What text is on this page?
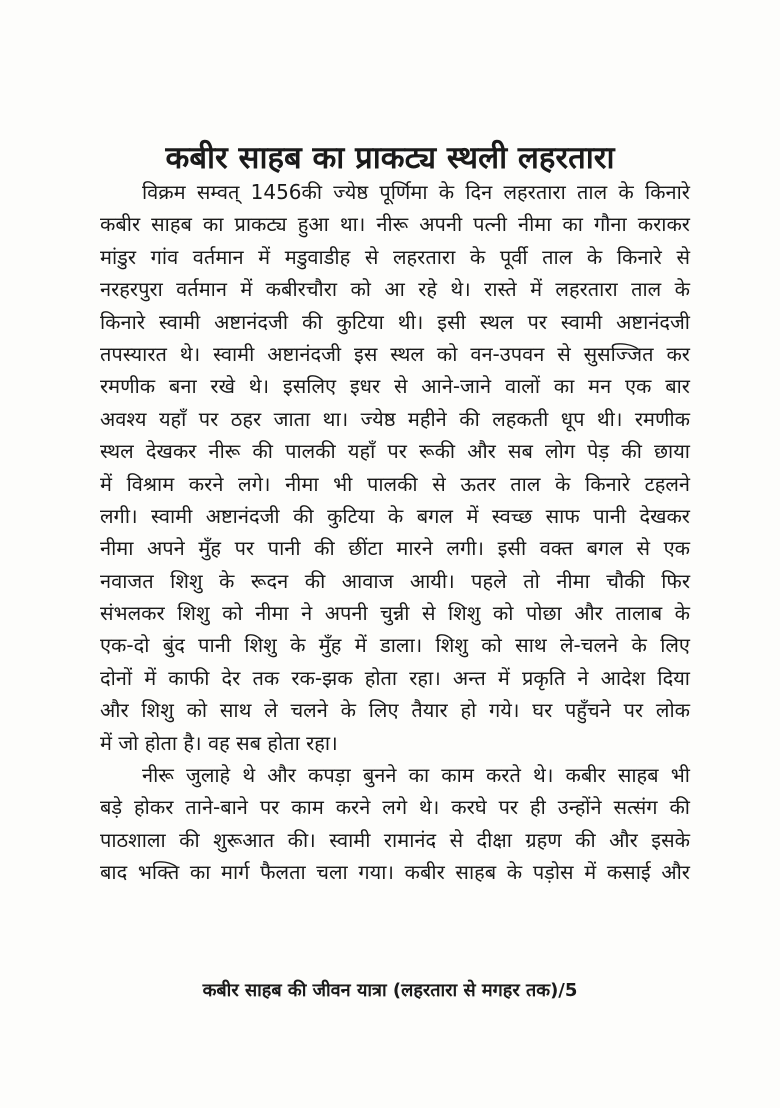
कबीर साहब का प्राकट्य स्थली लहरतारा
विक्रम सम्वत् 1456की ज्येष्ठ पूर्णिमा के दिन लहरतारा ताल के किनारे
कबीर साहब का प्राकट्य हुआ था। नीरू अपनी पत्नी नीमा का गौना कराकर
मांडुर गांव वर्तमान में मडुवाडीह से लहरतारा के पूर्वी ताल के किनारे से
नरहरपुरा वर्तमान में कबीरचौरा को आ रहे थे। रास्ते में लहरतारा ताल के
किनारे स्वामी अष्टानंदजी की कुटिया थी। इसी स्थल पर स्वामी अष्टानंदजी
तपस्यारत थे। स्वामी अष्टानंदजी इस स्थल को वन-उपवन से सुसज्जित कर
रमणीक बना रखे थे। इसलिए इधर से आने-जाने वालों का मन एक बार
अवश्य यहाँ पर ठहर जाता था। ज्येष्ठ महीने की लहकती धूप थी। रमणीक
स्थल देखकर नीरू की पालकी यहाँ पर रूकी और सब लोग पेड़ की छाया
में विश्राम करने लगे। नीमा भी पालकी से ऊतर ताल के किनारे टहलने
लगी। स्वामी अष्टानंदजी की कुटिया के बगल में स्वच्छ साफ पानी देखकर
नीमा अपने मुँह पर पानी की छींटा मारने लगी। इसी वक्त बगल से एक
नवाजत शिशु के रूदन की आवाज आयी। पहले तो नीमा चौकी फिर
संभलकर शिशु को नीमा ने अपनी चुन्नी से शिशु को पोछा और तालाब के
एक-दो बुंद पानी शिशु के मुँह में डाला। शिशु को साथ ले-चलने के लिए
दोनों में काफी देर तक रक-झक होता रहा। अन्त में प्रकृति ने आदेश दिया
और शिशु को साथ ले चलने के लिए तैयार हो गये। घर पहुँचने पर लोक
में जो होता है। वह सब होता रहा।
नीरू जुलाहे थे और कपड़ा बुनने का काम करते थे। कबीर साहब भी
बड़े होकर ताने-बाने पर काम करने लगे थे। करघे पर ही उन्होंने सत्संग की
पाठशाला की शुरूआत की। स्वामी रामानंद से दीक्षा ग्रहण की और इसके
बाद भक्ति का मार्ग फैलता चला गया। कबीर साहब के पड़ोस में कसाई और
कबीर साहब की जीवन यात्रा (लहरतारा से मगहर तक)/5
